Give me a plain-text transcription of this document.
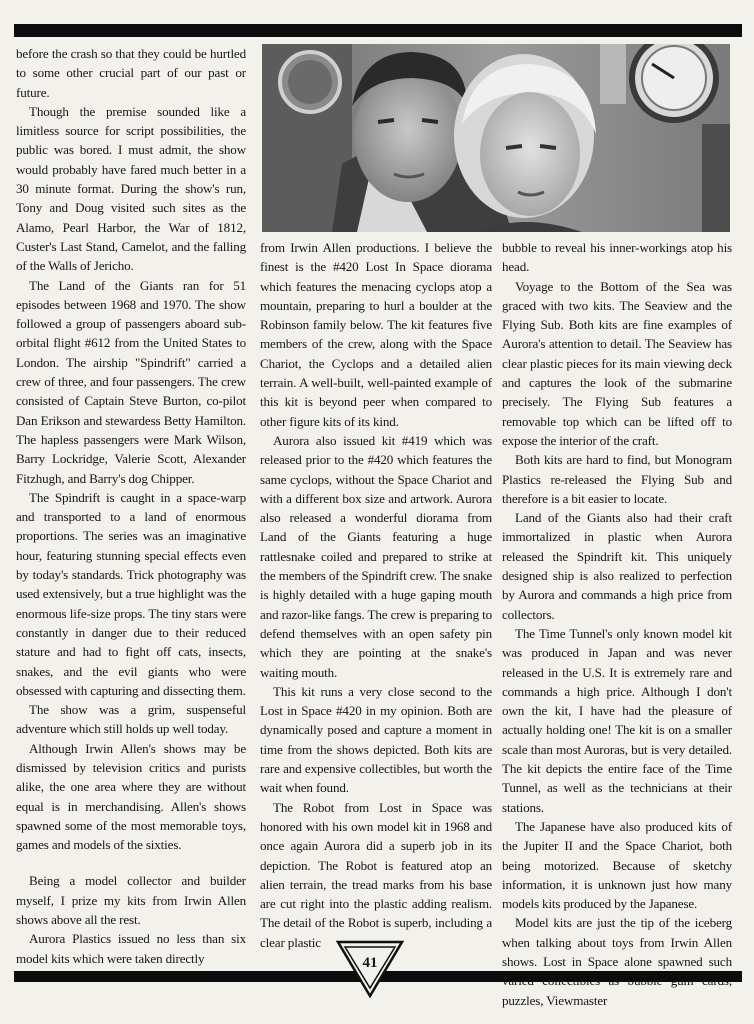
before the crash so that they could be hurtled to some other crucial part of our past or future.

Though the premise sounded like a limitless source for script possibilities, the public was bored. I must admit, the show would probably have fared much better in a 30 minute format. During the show's run, Tony and Doug visited such sites as the Alamo, Pearl Harbor, the War of 1812, Custer's Last Stand, Camelot, and the falling of the Walls of Jericho.

The Land of the Giants ran for 51 episodes between 1968 and 1970. The show followed a group of passengers aboard sub-orbital flight #612 from the United States to London. The airship "Spindrift" carried a crew of three, and four passengers. The crew consisted of Captain Steve Burton, co-pilot Dan Erikson and stewardess Betty Hamilton. The hapless passengers were Mark Wilson, Barry Lockridge, Valerie Scott, Alexander Fitzhugh, and Barry's dog Chipper.

The Spindrift is caught in a space-warp and transported to a land of enormous proportions. The series was an imaginative hour, featuring stunning special effects even by today's standards. Trick photography was used extensively, but a true highlight was the enormous life-size props. The tiny stars were constantly in danger due to their reduced stature and had to fight off cats, insects, snakes, and the evil giants who were obsessed with capturing and dissecting them.

The show was a grim, suspenseful adventure which still holds up well today.

Although Irwin Allen's shows may be dismissed by television critics and purists alike, the one area where they are without equal is in merchandising. Allen's shows spawned some of the most memorable toys, games and models of the sixties.

Being a model collector and builder myself, I prize my kits from Irwin Allen shows above all the rest.

Aurora Plastics issued no less than six model kits which were taken directly

from Irwin Allen productions. I believe the finest is the #420 Lost In Space diorama which features the menacing cyclops atop a mountain, preparing to hurl a boulder at the Robinson family below. The kit features five members of the crew, along with the Space Chariot, the Cyclops and a detailed alien terrain. A well-built, well-painted example of this kit is beyond peer when compared to other figure kits of its kind.

Aurora also issued kit #419 which was released prior to the #420 which features the same cyclops, without the Space Chariot and with a different box size and artwork. Aurora also released a wonderful diorama from Land of the Giants featuring a huge rattlesnake coiled and prepared to strike at the members of the Spindrift crew. The snake is highly detailed with a huge gaping mouth and razor-like fangs. The crew is preparing to defend themselves with an open safety pin which they are pointing at the snake's waiting mouth.

This kit runs a very close second to the Lost in Space #420 in my opinion. Both are dynamically posed and capture a moment in time from the shows depicted. Both kits are rare and expensive collectibles, but worth the wait when found.

The Robot from Lost in Space was honored with his own model kit in 1968 and once again Aurora did a superb job in its depiction. The Robot is featured atop an alien terrain, the tread marks from his base are cut right into the plastic adding realism. The detail of the Robot is superb, including a clear plastic

bubble to reveal his inner-workings atop his head.

Voyage to the Bottom of the Sea was graced with two kits. The Seaview and the Flying Sub. Both kits are fine examples of Aurora's attention to detail. The Seaview has clear plastic pieces for its main viewing deck and captures the look of the submarine precisely. The Flying Sub features a removable top which can be lifted off to expose the interior of the craft.

Both kits are hard to find, but Monogram Plastics re-released the Flying Sub and therefore is a bit easier to locate.

Land of the Giants also had their craft immortalized in plastic when Aurora released the Spindrift kit. This uniquely designed ship is also realized to perfection by Aurora and commands a high price from collectors.

The Time Tunnel's only known model kit was produced in Japan and was never released in the U.S. It is extremely rare and commands a high price. Although I don't own the kit, I have had the pleasure of actually holding one! The kit is on a smaller scale than most Auroras, but is very detailed. The kit depicts the entire face of the Time Tunnel, as well as the technicians at their stations.

The Japanese have also produced kits of the Jupiter II and the Space Chariot, both being motorized. Because of sketchy information, it is unknown just how many models kits produced by the Japanese.

Model kits are just the tip of the iceberg when talking about toys from Irwin Allen shows. Lost in Space alone spawned such puzzles, Viewmaster

41
